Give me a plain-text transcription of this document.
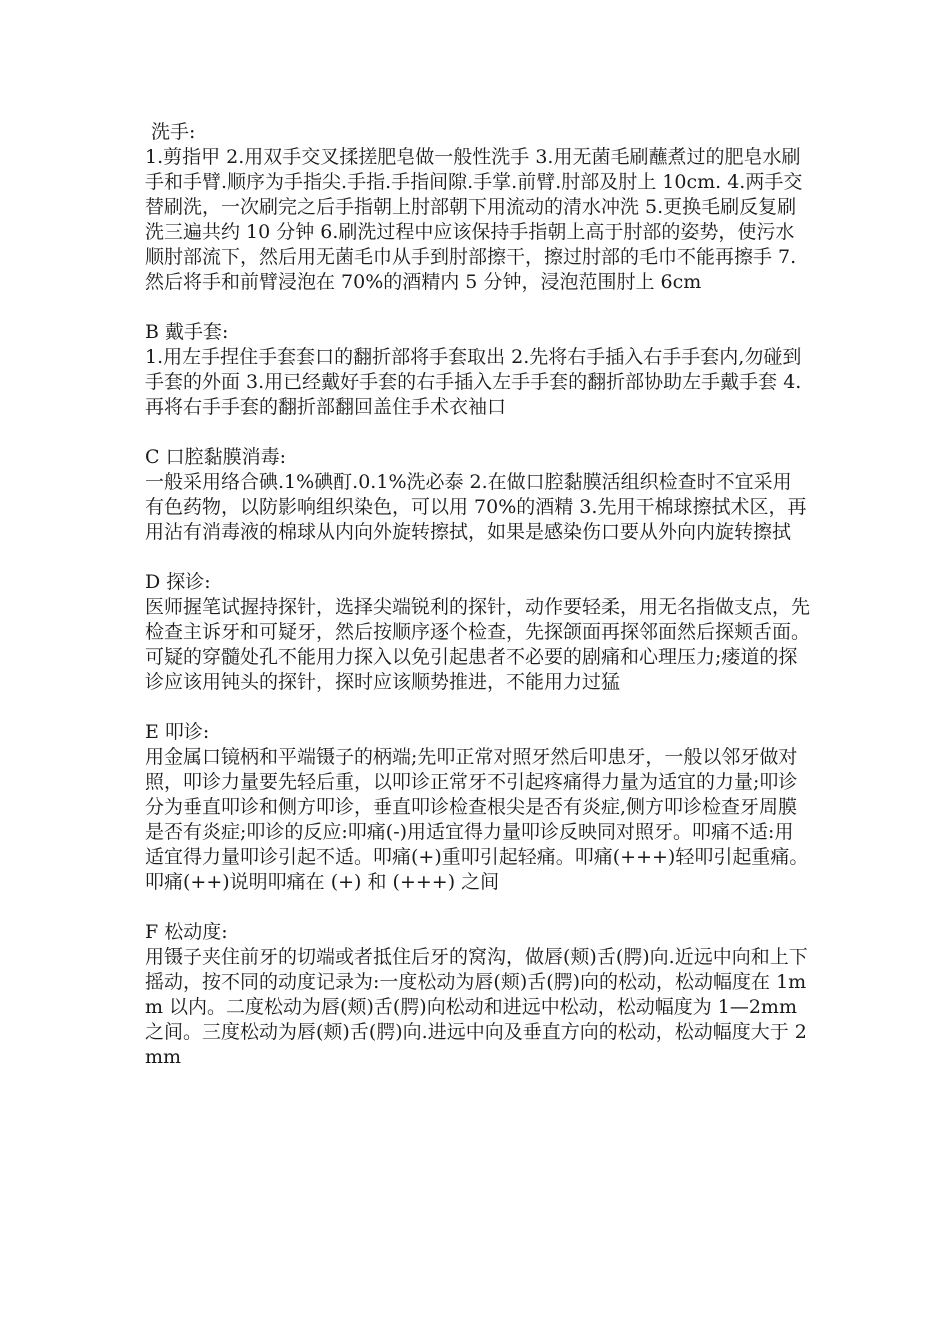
洗手:
1.剪指甲 2.用双手交叉揉搓肥皂做一般性洗手 3.用无菌毛刷蘸煮过的肥皂水刷手和手臂.顺序为手指尖.手指.手指间隙.手掌.前臂.肘部及肘上 10cm. 4.两手交替刷洗，一次刷完之后手指朝上肘部朝下用流动的清水冲洗 5.更换毛刷反复刷洗三遍共约 10 分钟 6.刷洗过程中应该保持手指朝上高于肘部的姿势，使污水顺肘部流下，然后用无菌毛巾从手到肘部擦干，擦过肘部的毛巾不能再擦手 7.然后将手和前臂浸泡在 70%的酒精内 5 分钟，浸泡范围肘上 6cm
B 戴手套:
1.用左手捏住手套套口的翻折部将手套取出 2.先将右手插入右手手套内,勿碰到手套的外面 3.用已经戴好手套的右手插入左手手套的翻折部协助左手戴手套 4.再将右手手套的翻折部翻回盖住手术衣袖口
C 口腔黏膜消毒:
一般采用络合碘.1%碘酊.0.1%洗必泰 2.在做口腔黏膜活组织检查时不宜采用有色药物，以防影响组织染色，可以用 70%的酒精 3.先用干棉球擦拭术区，再用沾有消毒液的棉球从内向外旋转擦拭，如果是感染伤口要从外向内旋转擦拭
D 探诊:
医师握笔试握持探针，选择尖端锐利的探针，动作要轻柔，用无名指做支点，先检查主诉牙和可疑牙，然后按顺序逐个检查，先探颌面再探邻面然后探颊舌面。可疑的穿髓处孔不能用力探入以免引起患者不必要的剧痛和心理压力;瘘道的探诊应该用钝头的探针，探时应该顺势推进，不能用力过猛
E 叩诊:
用金属口镜柄和平端镊子的柄端;先叩正常对照牙然后叩患牙，一般以邻牙做对照，叩诊力量要先轻后重，以叩诊正常牙不引起疼痛得力量为适宜的力量;叩诊分为垂直叩诊和侧方叩诊，垂直叩诊检查根尖是否有炎症,侧方叩诊检查牙周膜是否有炎症;叩诊的反应:叩痛(-)用适宜得力量叩诊反映同对照牙。叩痛不适:用适宜得力量叩诊引起不适。叩痛(+)重叩引起轻痛。叩痛(+++)轻叩引起重痛。叩痛(++)说明叩痛在 (+) 和 (+++) 之间
F 松动度:
用镊子夹住前牙的切端或者抵住后牙的窝沟，做唇(颊)舌(腭)向.近远中向和上下摇动，按不同的动度记录为:一度松动为唇(颊)舌(腭)向的松动，松动幅度在 1mm 以内。二度松动为唇(颊)舌(腭)向松动和进远中松动，松动幅度为 1—2mm 之间。三度松动为唇(颊)舌(腭)向.进远中向及垂直方向的松动，松动幅度大于 2mm
